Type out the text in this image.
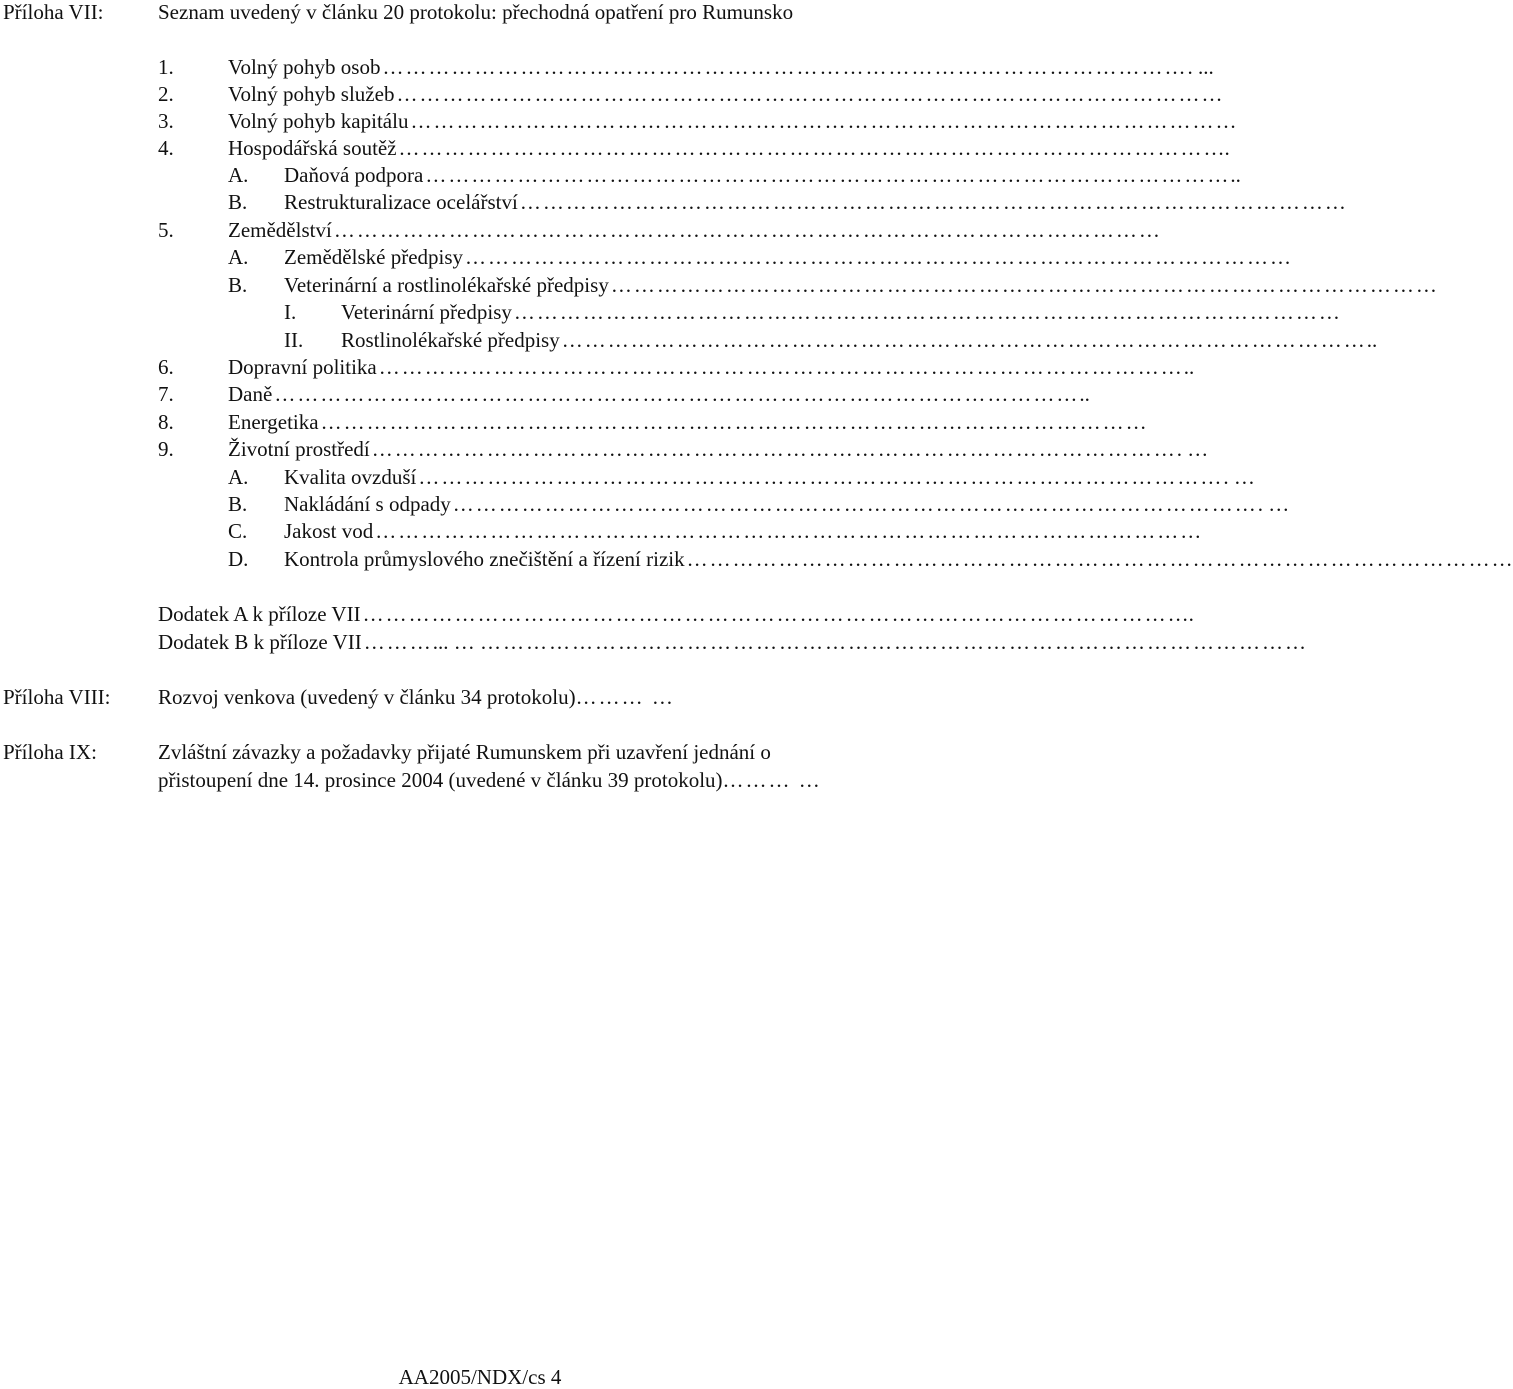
Příloha VII:	Seznam uvedený v článku 20 protokolu: přechodná opatření pro Rumunsko
1.	Volný pohyb osob …………………………………………………………………………………………… . ...
2.	Volný pohyb služeb …………………………………………………………………………………………… …
3.	Volný pohyb kapitálu …………………………………………………………………………………………… …
4.	Hospodářská soutěž …………………………………………………………………………………………… ….
A.	Daňová podpora …………………………………………………………………………………………… ..
B.	Restrukturalizace ocelářství …………………………………………………………………………………………… …
5.	Zemědělství …………………………………………………………………………………………… …
A.	Zemědělské předpisy …………………………………………………………………………………………… …
B.	Veterinární a rostlinolékařské předpisy …………………………………………………………………………………………… …
I.	Veterinární předpisy …………………………………………………………………………………………… …
II.	Rostlinolékařské předpisy …………………………………………………………………………………………… ..
6.	Dopravní politika …………………………………………………………………………………………… ..
7.	Daně …………………………………………………………………………………………… ..
8.	Energetika …………………………………………………………………………………………… …
9.	Životní prostředí …………………………………………………………………………………………… . …
A.	Kvalita ovzduší …………………………………………………………………………………………… . …
B.	Nakládání s odpady …………………………………………………………………………………………… . …
C.	Jakost vod …………………………………………………………………………………………… …
D.	Kontrola průmyslového znečištění a řízení rizik …………………………………………………………………………………………… …
Dodatek A k příloze VII …………………………………………………………………………………………… ….
Dodatek B k příloze VII ……… ... … … ……………………………………………………………………………………………
Příloha VIII: Rozvoj venkova (uvedený v článku 34 protokolu)……… …
Příloha IX:	Zvláštní závazky a požadavky přijaté Rumunskem při uzavření jednání o
přistoupení dne 14. prosince 2004 (uvedené v článku 39 protokolu)……… …
AA2005/NDX/cs 4
